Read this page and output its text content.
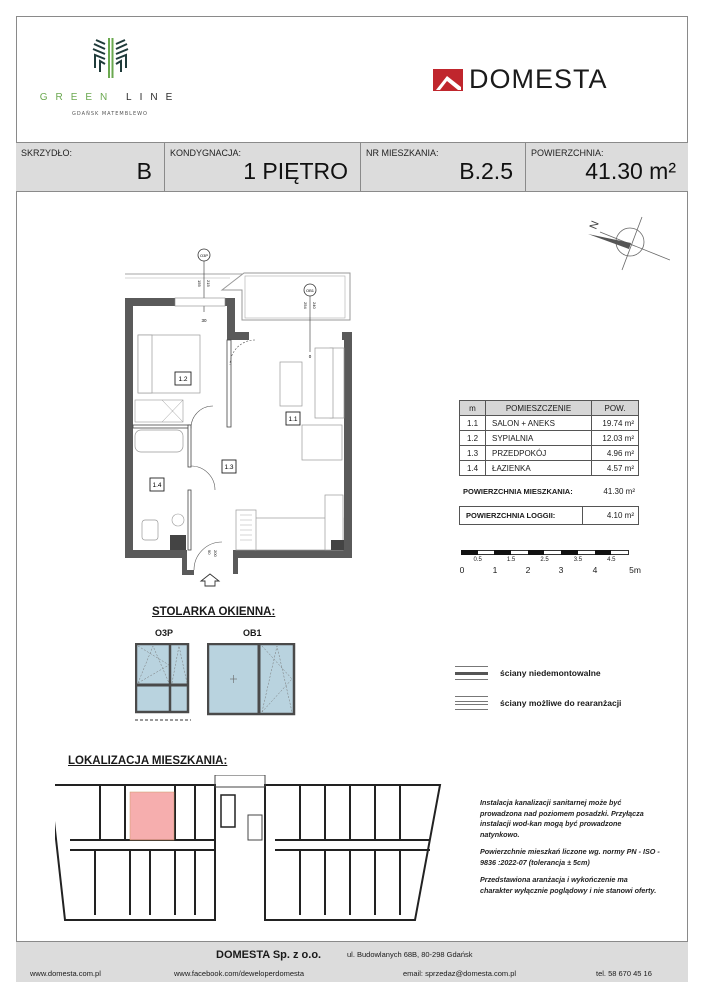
GREEN LINE
GDAŃSK MATEMBLEWO
DOMESTA
SKRZYDŁO:
B
KONDYGNACJA:
1 PIĘTRO
NR MIESZKANIA:
B.2.5
POWIERZCHNIA:
41.30 m²
O3P
155 215
30
OB1
254 240
0
1.2
1.4
1.3
1.1
90 200
N
m	POMIESZCZENIE	POW.
1.1	SALON + ANEKS	19.74 m²
1.2	SYPIALNIA	12.03 m²
1.3	PRZEDPOKÓJ	4.96 m²
1.4	ŁAZIENKA	4.57 m²
POWIERZCHNIA MIESZKANIA:	41.30 m²
POWIERZCHNIA LOGGII:	4.10 m²
0.5	1.5	2.5	3.5	4.5
0	1	2	3	4	5m
STOLARKA OKIENNA:
O3P	OB1
ściany niedemontowalne
ściany możliwe do rearanżacji
LOKALIZACJA MIESZKANIA:

Instalacja kanalizacji sanitarnej może być prowadzona nad poziomem posadzki. Przyłącza instalacji wod-kan mogą być prowadzone natynkowo.

Powierzchnie mieszkań liczone wg. normy PN - ISO - 9836 :2022-07 (tolerancja ± 5cm)

Przedstawiona aranżacja i wykończenie ma charakter wyłącznie poglądowy i nie stanowi oferty.

DOMESTA Sp. z o.o.	ul. Budowlanych 68B, 80-298 Gdańsk
www.domesta.com.pl	www.facebook.com/deweloperdomesta	email: sprzedaz@domesta.com.pl	tel. 58 670 45 16
